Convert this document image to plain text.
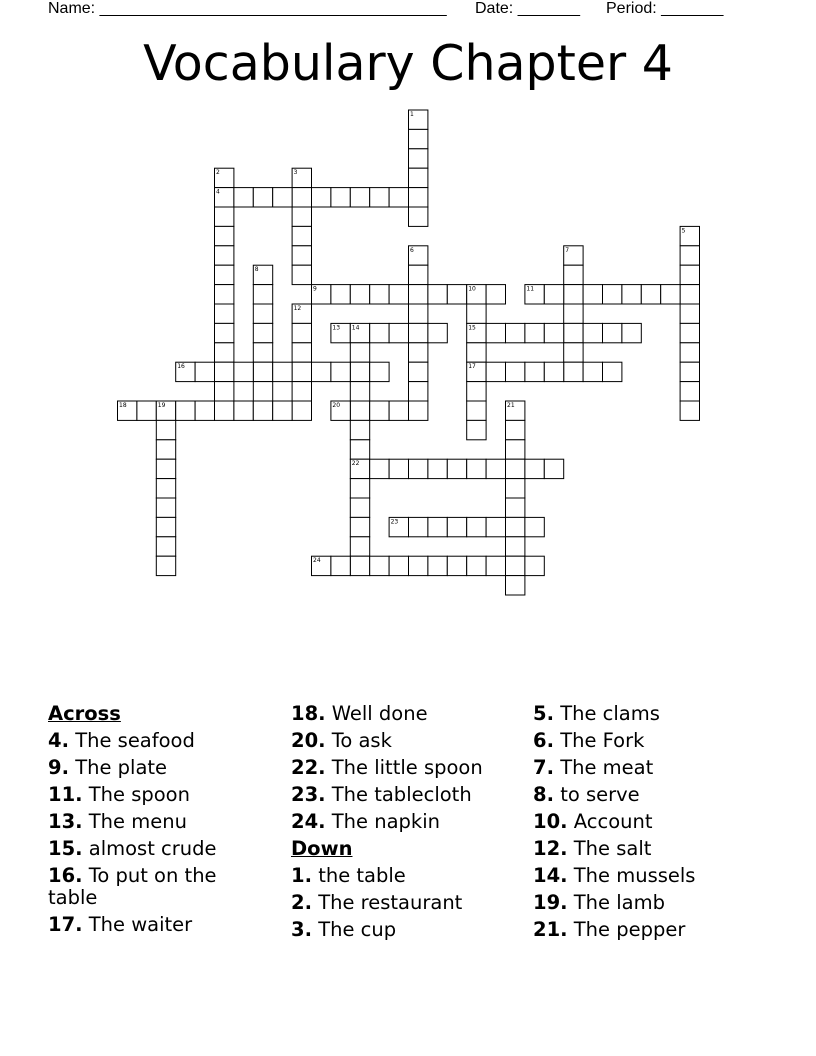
Name: _______________________________________

Date: _______

Period: _______

Vocabulary Chapter 4
1
2	3
4
5
6	7
8
9	10	11
12
13 14	15
16	17
18	19	20	21
22
23
24
Across
4. The seafood
9. The plate
11. The spoon
13. The menu
15. almost crude
16. To put on the table
17. The waiter
18. Well done
20. To ask
22. The little spoon
23. The tablecloth
24. The napkin
Down
1. the table
2. The restaurant
3. The cup
5. The clams
6. The Fork
7. The meat
8. to serve
10. Account
12. The salt
14. The mussels
19. The lamb
21. The pepper
